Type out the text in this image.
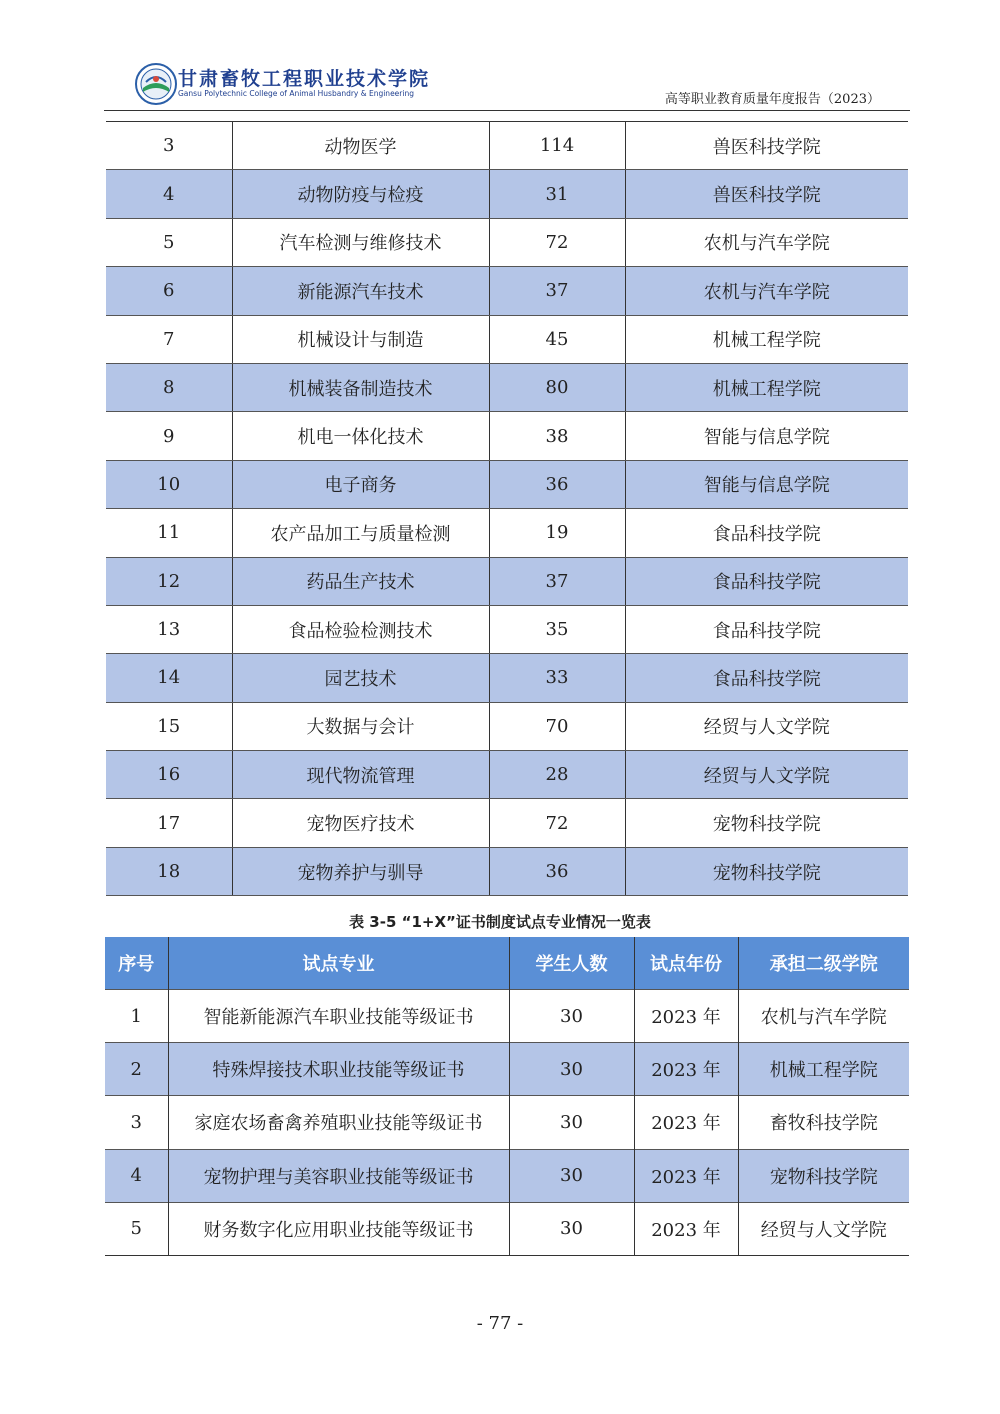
甘肃畜牧工程职业技术学院
Gansu Polytechnic College of Animal Husbandry & Engineering	高等职业教育质量年度报告（2023）
3	动物医学	114	兽医科技学院
4	动物防疫与检疫	31	兽医科技学院
5	汽车检测与维修技术	72	农机与汽车学院
6	新能源汽车技术	37	农机与汽车学院
7	机械设计与制造	45	机械工程学院
8	机械装备制造技术	80	机械工程学院
9	机电一体化技术	38	智能与信息学院
10	电子商务	36	智能与信息学院
11	农产品加工与质量检测	19	食品科技学院
12	药品生产技术	37	食品科技学院
13	食品检验检测技术	35	食品科技学院
14	园艺技术	33	食品科技学院
15	大数据与会计	70	经贸与人文学院
16	现代物流管理	28	经贸与人文学院
17	宠物医疗技术	72	宠物科技学院
18	宠物养护与驯导	36	宠物科技学院
表 3-5 “1+X”证书制度试点专业情况一览表
序号	试点专业	学生人数	试点年份	承担二级学院
1	智能新能源汽车职业技能等级证书	30	2023 年	农机与汽车学院
2	特殊焊接技术职业技能等级证书	30	2023 年	机械工程学院
3	家庭农场畜禽养殖职业技能等级证书	30	2023 年	畜牧科技学院
4	宠物护理与美容职业技能等级证书	30	2023 年	宠物科技学院
5	财务数字化应用职业技能等级证书	30	2023 年	经贸与人文学院
- 77 -
